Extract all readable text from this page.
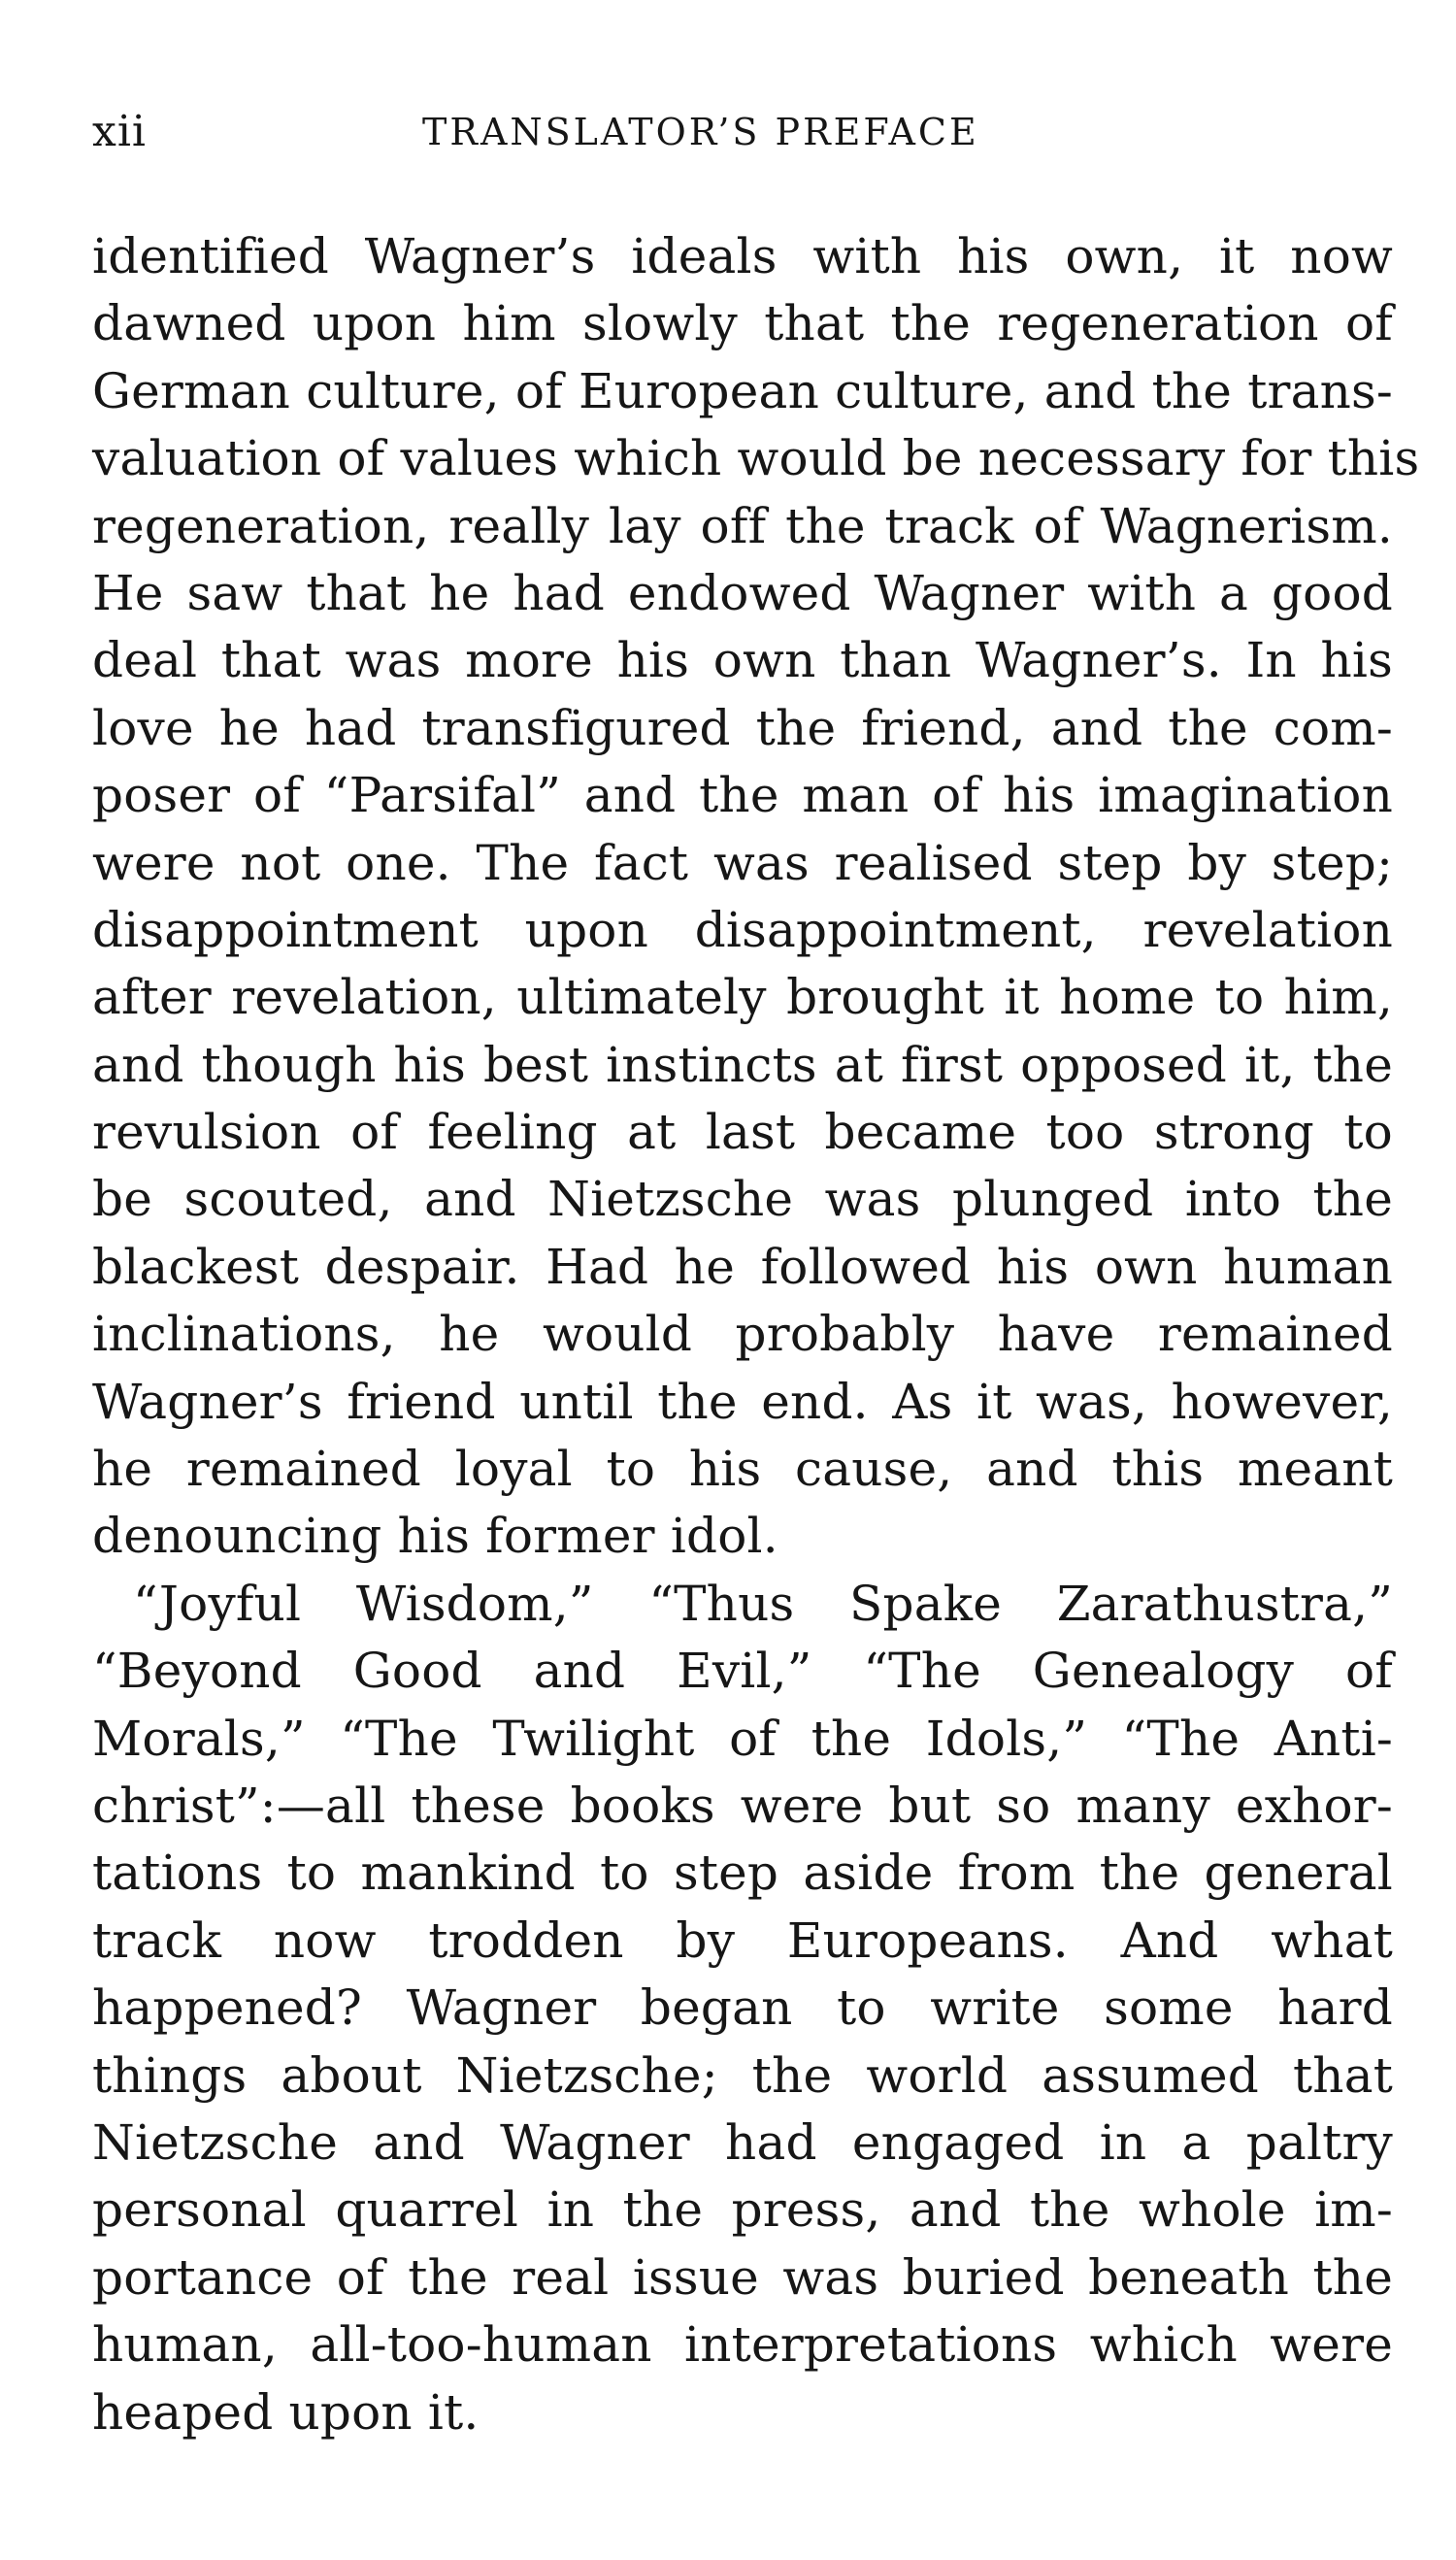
xii	TRANSLATOR’S PREFACE
identified Wagner’s ideals with his own, it now
dawned upon him slowly that the regeneration of
German culture, of European culture, and the trans-
valuation of values which would be necessary for this
regeneration, really lay off the track of Wagnerism.
He saw that he had endowed Wagner with a good
deal that was more his own than Wagner’s. In his
love he had transfigured the friend, and the com-
poser of “Parsifal” and the man of his imagination
were not one. The fact was realised step by step;
disappointment upon disappointment, revelation
after revelation, ultimately brought it home to him,
and though his best instincts at first opposed it, the
revulsion of feeling at last became too strong to
be scouted, and Nietzsche was plunged into the
blackest despair. Had he followed his own human
inclinations, he would probably have remained
Wagner’s friend until the end. As it was, however,
he remained loyal to his cause, and this meant
denouncing his former idol.
“Joyful Wisdom,” “Thus Spake Zarathustra,”
“Beyond Good and Evil,” “The Genealogy of
Morals,” “The Twilight of the Idols,” “The Anti-
christ”:—all these books were but so many exhor-
tations to mankind to step aside from the general
track now trodden by Europeans. And what
happened? Wagner began to write some hard
things about Nietzsche; the world assumed that
Nietzsche and Wagner had engaged in a paltry
personal quarrel in the press, and the whole im-
portance of the real issue was buried beneath the
human, all-too-human interpretations which were
heaped upon it.
